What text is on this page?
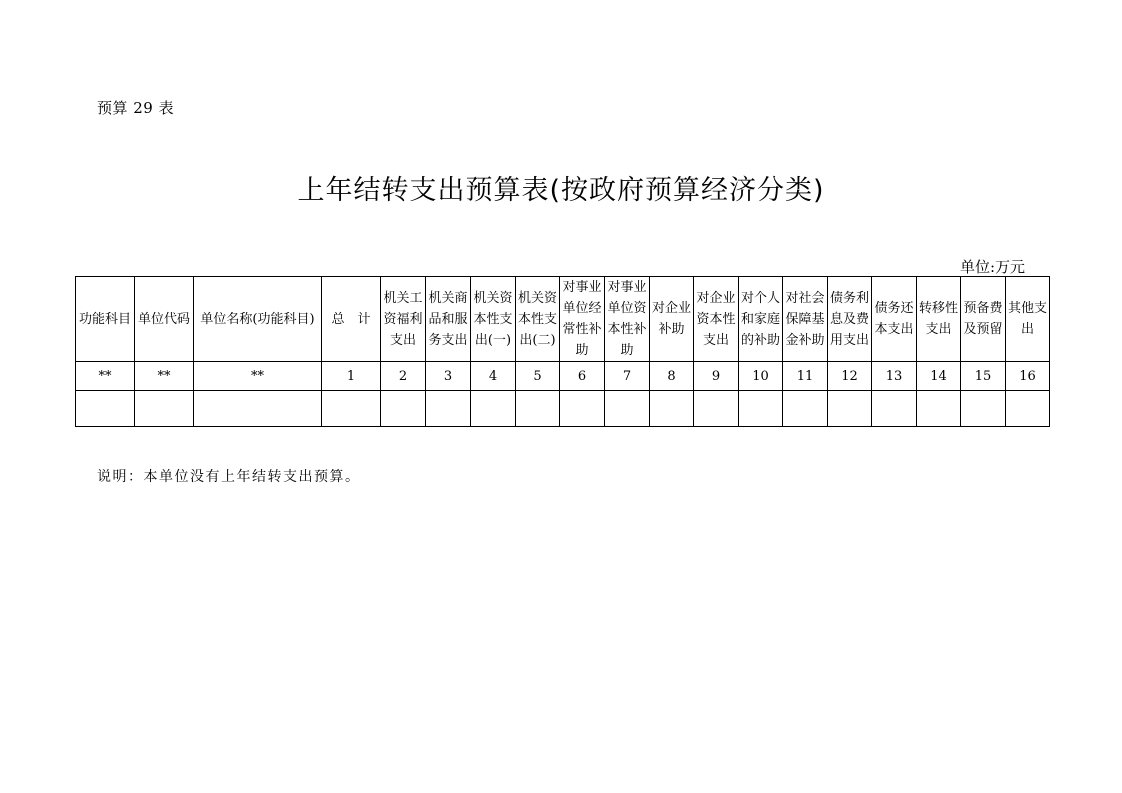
预算 29 表
上年结转支出预算表(按政府预算经济分类)
单位:万元
功能科目	单位代码	单位名称(功能科目)	总　计	机关工资福利支出	机关商品和服务支出	机关资本性支出(一)	机关资本性支出(二)	对事业单位经常性补助	对事业单位资本性补助	对企业补助	对企业资本性支出	对个人和家庭的补助	对社会保障基金补助	债务利息及费用支出	债务还本支出	转移性支出	预备费及预留	其他支出

**	**	**	1	2	3	4	5	6	7	8	9	10	11	12	13	14	15	16

说明：本单位没有上年结转支出预算。
